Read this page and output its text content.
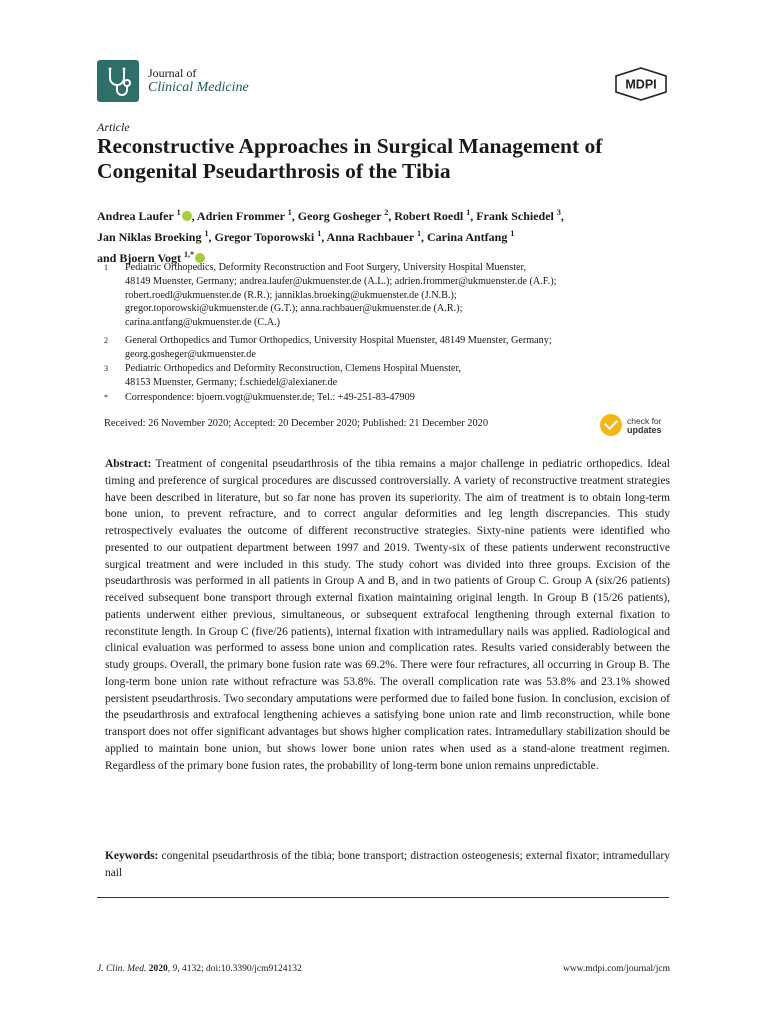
Journal of
Clinical Medicine	MDPI
Article
Reconstructive Approaches in Surgical Management of Congenital Pseudarthrosis of the Tibia
Andrea Laufer $^1$ , Adrien Frommer $^1$, Georg Gosheger $^2$, Robert Roedl $^1$, Frank Schiedel $^3$,
Jan Niklas Broeking $^1$, Gregor Toporowski $^1$, Anna Rachbauer $^1$, Carina Antfang $^1$
and Bjoern Vogt $^{1,*}$
1 Pediatric Orthopedics, Deformity Reconstruction and Foot Surgery, University Hospital Muenster,
48149 Muenster, Germany; andrea.laufer@ukmuenster.de (A.L.); adrien.frommer@ukmuenster.de (A.F.);
robert.roedl@ukmuenster.de (R.R.); janniklas.broeking@ukmuenster.de (J.N.B.);
gregor.toporowski@ukmuenster.de (G.T.); anna.rachbauer@ukmuenster.de (A.R.);
carina.antfang@ukmuenster.de (C.A.)
2 General Orthopedics and Tumor Orthopedics, University Hospital Muenster, 48149 Muenster, Germany;
georg.gosheger@ukmuenster.de
3 Pediatric Orthopedics and Deformity Reconstruction, Clemens Hospital Muenster,
48153 Muenster, Germany; f.schiedel@alexianer.de
* Correspondence: bjoern.vogt@ukmuenster.de; Tel.: +49-251-83-47909
Received: 26 November 2020; Accepted: 20 December 2020; Published: 21 December 2020	check for
updates

Abstract: Treatment of congenital pseudarthrosis of the tibia remains a major challenge in pediatric orthopedics. Ideal timing and preference of surgical procedures are discussed controversially. A variety of reconstructive treatment strategies have been described in literature, but so far none has proven its superiority. The aim of treatment is to obtain long-term bone union, to prevent refracture, and to correct angular deformities and leg length discrepancies. This study retrospectively evaluates the outcome of different reconstructive strategies. Sixty-nine patients were identified who presented to our outpatient department between 1997 and 2019. Twenty-six of these patients underwent reconstructive surgical treatment and were included in this study. The study cohort was divided into three groups. Excision of the pseudarthrosis was performed in all patients in Group A and B, and in two patients of Group C. Group A (six/26 patients) received subsequent bone transport through external fixation maintaining original length. In Group B (15/26 patients), patients underwent either previous, simultaneous, or subsequent extrafocal lengthening through external fixation to reconstitute length. In Group C (five/26 patients), internal fixation with intramedullary nails was applied. Radiological and clinical evaluation was performed to assess bone union and complication rates. Results varied considerably between the study groups. Overall, the primary bone fusion rate was 69.2%. There were four refractures, all occurring in Group B. The long-term bone union rate without refracture was 53.8%. The overall complication rate was 53.8% and 23.1% showed persistent pseudarthrosis. Two secondary amputations were performed due to failed bone fusion. In conclusion, excision of the pseudarthrosis and extrafocal lengthening achieves a satisfying bone union rate and limb reconstruction, while bone transport does not offer significant advantages but shows higher complication rates. Intramedullary stabilization should be applied to maintain bone union, but shows lower bone union rates when used as a stand-alone treatment regimen. Regardless of the primary bone fusion rates, the probability of long-term bone union remains unpredictable.

Keywords: congenital pseudarthrosis of the tibia; bone transport; distraction osteogenesis; external fixator; intramedullary nail

J. Clin. Med. 2020, 9, 4132; doi:10.3390/jcm9124132	www.mdpi.com/journal/jcm
